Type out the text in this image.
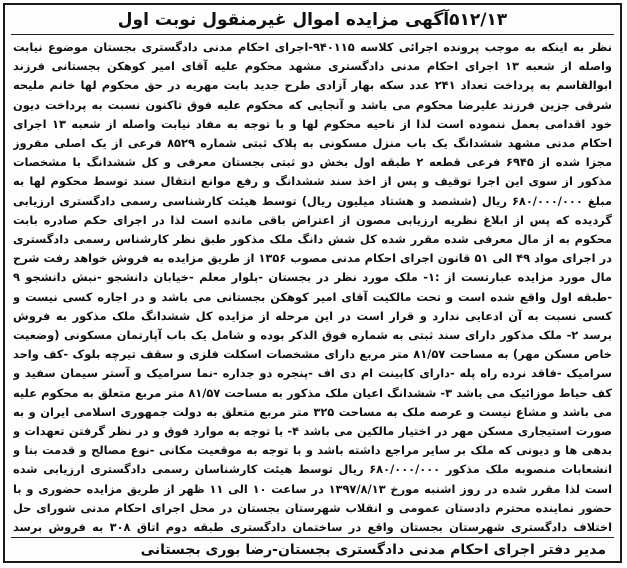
۵۱۲/۱۳آگهی مزایده اموال غیرمنقول نوبت اول
نظر به اینکه به موجب پرونده اجرائی کلاسه ۹۴۰۱۱۵-اجرای احکام مدنی دادگستری بجستان موضوع نیابت واصله از شعبه ۱۳ اجرای احکام مدنی دادگستری مشهد محکوم علیه آقای امیر کوهکن بجستانی فرزند ابوالقاسم به پرداخت تعداد ۲۴۱ عدد سکه بهار آزادی طرح جدید بابت مهریه در حق محکوم لها خانم ملیحه شرقی جزین فرزند علیرضا محکوم می باشد و آنجایی که محکوم علیه فوق تاکنون نسبت به پرداخت دیون خود اقدامی بعمل ننموده است لذا از ناحیه محکوم لها و با توجه به مفاد نیابت واصله از شعبه ۱۳ اجرای احکام مدنی مشهد ششدانگ یک باب منزل مسکونی به پلاک ثبتی شماره ۸۵۲۹ فرعی از یک اصلی مفروز مجزا شده از ۶۹۴۵ فرعی قطعه ۲ طبقه اول بخش دو ثبتی بجستان معرفی و کل ششدانگ با مشخصات مذکور از سوی این اجرا توقیف و پس از اخذ سند ششدانگ و رفع موانع انتقال سند توسط محکوم لها به مبلغ ۶۸۰/۰۰۰/۰۰۰ ریال (ششصد و هشتاد میلیون ریال) توسط هیئت کارشناسی رسمی دادگستری ارزیابی گردیده که پس از ابلاغ نظریه ارزیابی مصون از اعتراض باقی مانده است لذا در اجرای حکم صادره بابت محکوم به از مال معرفی شده مقرر شده کل شش دانگ ملک مذکور طبق نظر کارشناس رسمی دادگستری در اجرای مواد ۴۹ الی ۵۱ قانون اجرای احکام مدنی مصوب ۱۳۵۶ از طریق مزایده به فروش خواهد رفت شرح مال مورد مزایده عبارتست از :۱- ملک مورد نظر در بجستان -بلوار معلم -خیابان دانشجو -نبش دانشجو ۹ -طبقه اول واقع شده است و تحت مالکیت آقای امیر کوهکن بجستانی می باشد و در اجاره کسی نیست و کسی نسبت به آن ادعایی ندارد و قرار است در این مرحله از مزایده کل ششدانگ ملک مذکور به فروش برسد ۲- ملک مذکور دارای سند ثبتی به شماره فوق الذکر بوده و شامل یک باب آپارتمان مسکونی (وضعیت خاص مسکن مهر) به مساحت ۸۱/۵۷ متر مربع دارای مشخصات اسکلت فلزی و سقف تیرچه بلوک -کف واحد سرامیک -فاقد نرده راه پله -دارای کابینت ام دی اف -پنجره دو جداره -نما سرامیک و آستر سیمان سفید و کف حیاط موزائیک می باشد ۳- ششدانگ اعیان ملک مذکور به مساحت ۸۱/۵۷ متر مربع متعلق به محکوم علیه می باشد و مشاع نیست و عرصه ملک به مساحت ۳۲۵ متر مربع متعلق به دولت جمهوری اسلامی ایران و به صورت استیجاری مسکن مهر در اختیار مالکین می باشد ۴- با توجه به موارد فوق و در نظر گرفتن تعهدات و بدهی ها و دیونی که ملک بر سایر مراجع داشته باشد و با توجه به موقعیت مکانی -نوع مصالح و قدمت بنا و انشعابات منصوبه ملک مذکور ۶۸۰/۰۰۰/۰۰۰ ریال توسط هیئت کارشناسان رسمی دادگستری ارزیابی شده است لذا مقرر شده در روز اشنبه مورخ ۱۳۹۷/۸/۱۳ در ساعت ۱۰ الی ۱۱ ظهر از طریق مزایده حضوری و با حضور نماینده محترم دادستان عمومی و انقلاب شهرستان بجستان در محل اجرای احکام مدنی شورای حل اختلاف دادگستری شهرستان بجستان واقع در ساختمان دادگستری طبقه دوم اتاق ۳۰۸ به فروش برسد
مدیر دفتر اجرای احکام مدنی دادگستری بجستان-رضا بوری بجستانی
